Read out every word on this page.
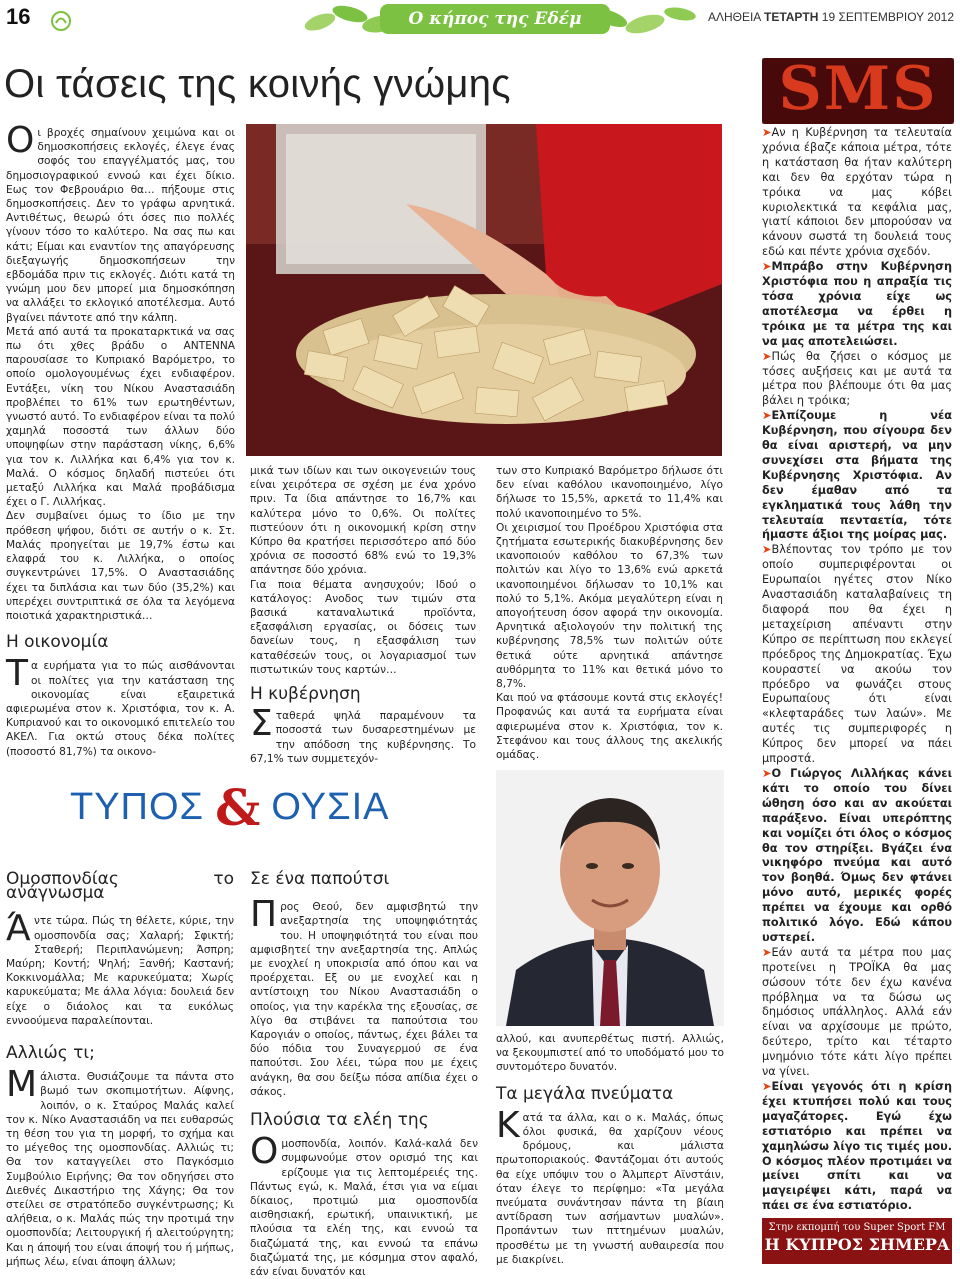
16	Ο κήπος της Εδέμ	ΑΛΗΘΕΙΑ ΤΕΤΑΡΤΗ 19 ΣΕΠΤΕΜΒΡΙΟΥ 2012
Οι τάσεις της κοινής γνώμης

Οι βροχές σημαίνουν χειμώνα και οι δημοσκοπήσεις εκλογές, έλεγε ένας σοφός του επαγγέλματός μας, του δημοσιογραφικού εννοώ και έχει δίκιο. Εως τον Φεβρουάριο θα… πήξουμε στις δημοσκοπήσεις. Δεν το γράφω αρνητικά. Αντιθέτως, θεωρώ ότι όσες πιο πολλές γίνουν τόσο το καλύτερο. Να σας πω και κάτι; Είμαι και εναντίον της απαγόρευσης διεξαγωγής δημοσκοπήσεων την εβδομάδα πριν τις εκλογές. Διότι κατά τη γνώμη μου δεν μπορεί μια δημοσκόπηση να αλλάξει το εκλογικό αποτέλεσμα. Αυτό βγαίνει πάντοτε από την κάλπη.

Μετά από αυτά τα προκαταρκτικά να σας πω ότι χθες βράδυ ο ΑΝΤΕΝΝΑ παρουσίασε το Κυπριακό Βαρόμετρο, το οποίο ομολογουμένως έχει ενδιαφέρον. Εντάξει, νίκη του Νίκου Αναστασιάδη προβλέπει το 61% των ερωτηθέντων, γνωστό αυτό. Το ενδιαφέρον είναι τα πολύ χαμηλά ποσοστά των άλλων δύο υποψηφίων στην παράσταση νίκης, 6,6% για τον κ. Λιλλήκα και 6,4% για τον κ. Μαλά. Ο κόσμος δηλαδή πιστεύει ότι μεταξύ Λιλλήκα και Μαλά προβάδισμα έχει ο Γ. Λιλλήκας.

Δεν συμβαίνει όμως το ίδιο με την πρόθεση ψήφου, διότι σε αυτήν ο κ. Στ. Μαλάς προηγείται με 19,7% έστω και ελαφρά του κ. Λιλλήκα, ο οποίος συγκεντρώνει 17,5%. Ο Αναστασιάδης έχει τα διπλάσια και των δύο (35,2%) και υπερέχει συντριπτικά σε όλα τα λεγόμενα ποιοτικά χαρακτηριστικά…

Η οικονομία

Τα ευρήματα για το πώς αισθάνονται οι πολίτες για την κατάσταση της οικονομίας είναι εξαιρετικά αφιερωμένα στον κ. Χριστόφια, τον κ. Α. Κυπριανού και το οικονομικό επιτελείο του ΑΚΕΛ. Για οκτώ στους δέκα πολίτες (ποσοστό 81,7%) τα οικονο-

μικά των ιδίων και των οικογενειών τους είναι χειρότερα σε σχέση με ένα χρόνο πριν. Τα ίδια απάντησε το 16,7% και καλύτερα μόνο το 0,6%. Οι πολίτες πιστεύουν ότι η οικονομική κρίση στην Κύπρο θα κρατήσει περισσότερο από δύο χρόνια σε ποσοστό 68% ενώ το 19,3% απάντησε δύο χρόνια.

Για ποια θέματα ανησυχούν; Ιδού ο κατάλογος: Ανοδος των τιμών στα βασικά καταναλωτικά προϊόντα, εξασφάλιση εργασίας, οι δόσεις των δανείων τους, η εξασφάλιση των καταθέσεών τους, οι λογαριασμοί των πιστωτικών τους καρτών…

Η κυβέρνηση

Σταθερά ψηλά παραμένουν τα ποσοστά των δυσαρεστημένων με την απόδοση της κυβέρνησης. Το 67,1% των συμμετεχόν-

των στο Κυπριακό Βαρόμετρο δήλωσε ότι δεν είναι καθόλου ικανοποιημένο, λίγο δήλωσε το 15,5%, αρκετά το 11,4% και πολύ ικανοποιημένο το 5%.

Οι χειρισμοί του Προέδρου Χριστόφια στα ζητήματα εσωτερικής διακυβέρνησης δεν ικανοποιούν καθόλου το 67,3% των πολιτών και λίγο το 13,6% ενώ αρκετά ικανοποιημένοι δήλωσαν το 10,1% και πολύ το 5,1%. Ακόμα μεγαλύτερη είναι η απογοήτευση όσον αφορά την οικονομία. Αρνητικά αξιολογούν την πολιτική της κυβέρνησης 78,5% των πολιτών ούτε θετικά ούτε αρνητικά απάντησε αυθόρμητα το 11% και θετικά μόνο το 8,7%.

Και πού να φτάσουμε κοντά στις εκλογές! Προφανώς και αυτά τα ευρήματα είναι αφιερωμένα στον κ. Χριστόφια, τον κ. Στεφάνου και τους άλλους της ακελικής ομάδας.

ΤΥΠΟΣ & ΟΥΣΙΑ
Ομοσπονδίας το ανάγνωσμα

Άντε τώρα. Πώς τη θέλετε, κύριε, την ομοσπονδία σας; Χαλαρή; Σφικτή; Σταθερή; Περιπλανώμενη; Άσπρη; Μαύρη; Κοντή; Ψηλή; Ξανθή; Καστανή; Κοκκινομάλλα; Με καρυκεύματα; Χωρίς καρυκεύματα; Με άλλα λόγια: δουλειά δεν είχε ο διάολος και τα ευκόλως εννοούμενα παραλείπονται.

Αλλιώς τι;

Μάλιστα. Θυσιάζουμε τα πάντα στο βωμό των σκοπιμοτήτων. Αίφνης, λοιπόν, ο κ. Σταύρος Μαλάς καλεί τον κ. Νίκο Αναστασιάδη να πει ευθαρσώς τη θέση του για τη μορφή, το σχήμα και το μέγεθος της ομοσπονδίας. Αλλιώς τι; Θα τον καταγγείλει στο Παγκόσμιο Συμβούλιο Ειρήνης; Θα τον οδηγήσει στο Διεθνές Δικαστήριο της Χάγης; Θα τον στείλει σε στρατόπεδο συγκέντρωσης; Κι αλήθεια, ο κ. Μαλάς πώς την προτιμά την ομοσπονδία; Λειτουργική ή αλειτούργητη; Και η άποψή του είναι άποψή του ή μήπως, μήπως λέω, είναι άποψη άλλων;

Σε ένα παπούτσι

Προς Θεού, δεν αμφισβητώ την ανεξαρτησία της υποψηφιότητάς του. Η υποψηφιότητά του είναι που αμφισβητεί την ανεξαρτησία της. Απλώς με ενοχλεί η υποκρισία από όπου και να προέρχεται. Εξ ου με ενοχλεί και η αντίστοιχη του Νίκου Αναστασιάδη ο οποίος, για την καρέκλα της εξουσίας, σε λίγο θα στιβάνει τα παπούτσια του Καρογιάν ο οποίος, πάντως, έχει βάλει τα δύο πόδια του Συναγερμού σε ένα παπούτσι. Σου λέει, τώρα που με έχεις ανάγκη, θα σου δείξω πόσα απίδια έχει ο σάκος.

Πλούσια τα ελέη της

Ομοσπονδία, λοιπόν. Καλά-καλά δεν συμφωνούμε στον ορισμό της και ερίζουμε για τις λεπτομέρειές της. Πάντως εγώ, κ. Μαλά, έτσι για να είμαι δίκαιος, προτιμώ μια ομοσπονδία αισθησιακή, ερωτική, υπαινικτική, με πλούσια τα ελέη της, και εννοώ τα διαζώματά της, και εννοώ τα επάνω διαζώματά της, με κόσμημα στον αφαλό, εάν είναι δυνατόν και

αλλού, και ανυπερθέτως πιστή. Αλλιώς, να ξεκουμπιστεί από το υποδόματό μου το συντομότερο δυνατόν.

Τα μεγάλα πνεύματα

Κατά τα άλλα, και ο κ. Μαλάς, όπως όλοι φυσικά, θα χαρίζουν νέους δρόμους, και μάλιστα πρωτοποριακούς. Φαντάζομαι ότι αυτούς θα είχε υπόψιν του ο Άλμπερτ Αϊνστάιν, όταν έλεγε το περίφημο: «Τα μεγάλα πνεύματα συνάντησαν πάντα τη βίαιη αντίδραση των ασήμαντων μυαλών». Προπάντων των πττημένων μυαλών, προσθέτω με τη γνωστή αυθαιρεσία που με διακρίνει.

SMS
➤Αν η Κυβέρνηση τα τελευταία χρόνια έβαζε κάποια μέτρα, τότε η κατάσταση θα ήταν καλύτερη και δεν θα ερχόταν τώρα η τρόικα να μας κόβει κυριολεκτικά τα κεφάλια μας, γιατί κάποιοι δεν μπορούσαν να κάνουν σωστά τη δουλειά τους εδώ και πέντε χρόνια σχεδόν.
➤Μπράβο στην Κυβέρνηση Χριστόφια που η απραξία τις τόσα χρόνια είχε ως αποτέλεσμα να έρθει η τρόικα με τα μέτρα της και να μας αποτελειώσει.
➤Πώς θα ζήσει ο κόσμος με τόσες αυξήσεις και με αυτά τα μέτρα που βλέπουμε ότι θα μας βάλει η τρόικα;
➤Ελπίζουμε η νέα Κυβέρνηση, που σίγουρα δεν θα είναι αριστερή, να μην συνεχίσει στα βήματα της Κυβέρνησης Χριστόφια. Αν δεν έμαθαν από τα εγκληματικά τους λάθη την τελευταία πενταετία, τότε ήμαστε άξιοι της μοίρας μας.
➤Βλέποντας τον τρόπο με τον οποίο συμπεριφέρονται οι Ευρωπαίοι ηγέτες στον Νίκο Αναστασιάδη καταλαβαίνεις τη διαφορά που θα έχει η μεταχείριση απέναντι στην Κύπρο σε περίπτωση που εκλεγεί πρόεδρος της Δημοκρατίας. Έχω κουραστεί να ακούω τον πρόεδρο να φωνάζει στους Ευρωπαίους ότι είναι «κλεφταράδες των λαών». Με αυτές τις συμπεριφορές η Κύπρος δεν μπορεί να πάει μπροστά.
➤Ο Γιώργος Λιλλήκας κάνει κάτι το οποίο του δίνει ώθηση όσο και αν ακούεται παράξενο. Είναι υπερόπτης και νομίζει ότι όλος ο κόσμος θα τον στηρίξει. Βγάζει ένα νικηφόρο πνεύμα και αυτό τον βοηθά. Όμως δεν φτάνει μόνο αυτό, μερικές φορές πρέπει να έχουμε και ορθό πολιτικό λόγο. Εδώ κάπου υστερεί.
➤Εάν αυτά τα μέτρα που μας προτείνει η ΤΡΟΪΚΑ θα μας σώσουν τότε δεν έχω κανένα πρόβλημα να τα δώσω ως δημόσιος υπάλληλος. Αλλά εάν είναι να αρχίσουμε με πρώτο, δεύτερο, τρίτο και τέταρτο μνημόνιο τότε κάτι λίγο πρέπει να γίνει.
➤Είναι γεγονός ότι η κρίση έχει κτυπήσει πολύ και τους μαγαζάτορες. Εγώ έχω εστιατόριο και πρέπει να χαμηλώσω λίγο τις τιμές μου. Ο κόσμος πλέον προτιμάει να μείνει σπίτι και να μαγειρέψει κάτι, παρά να πάει σε ένα εστιατόριο.
Στην εκπομπή του Super Sport FM
Η ΚΥΠΡΟΣ ΣΗΜΕΡΑ
